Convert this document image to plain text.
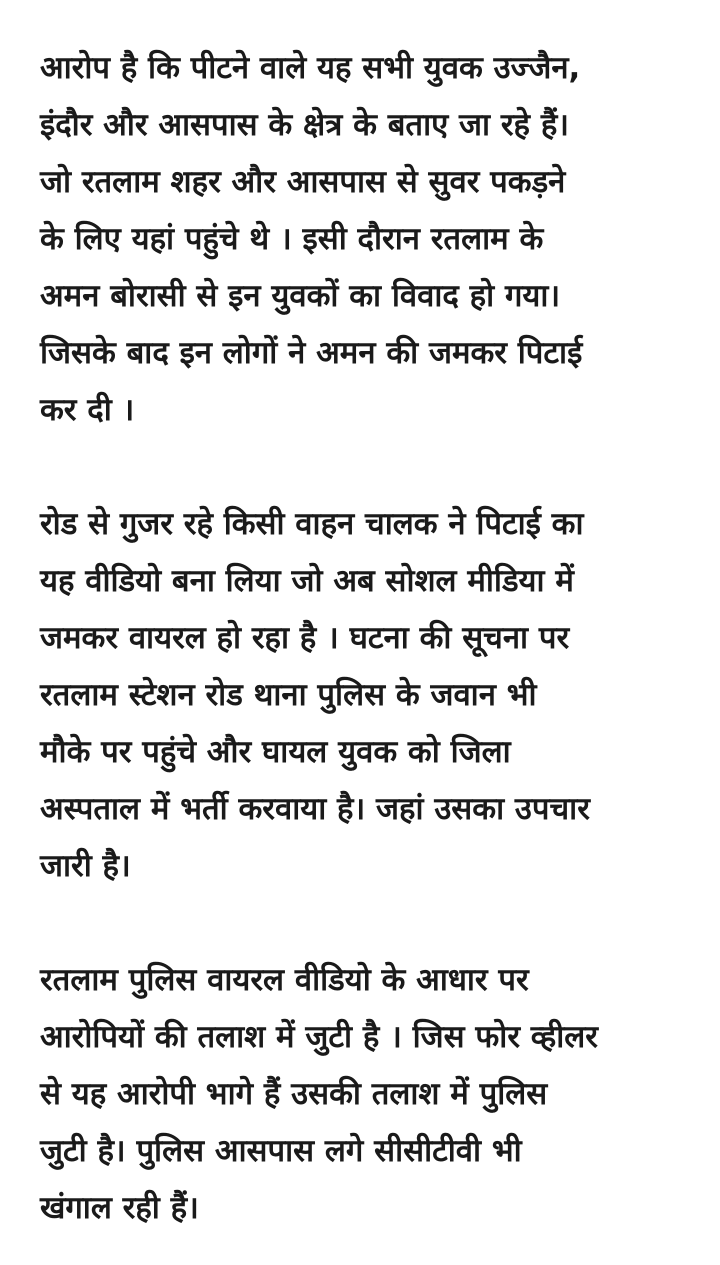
आरोप है कि पीटने वाले यह सभी युवक उज्जैन,
इंदौर और आसपास के क्षेत्र के बताए जा रहे हैं।
जो रतलाम शहर और आसपास से सुवर पकड़ने
के लिए यहां पहुंचे थे । इसी दौरान रतलाम के
अमन बोरासी से इन युवकों का विवाद हो गया।
जिसके बाद इन लोगों ने अमन की जमकर पिटाई
कर दी ।

रोड से गुजर रहे किसी वाहन चालक ने पिटाई का
यह वीडियो बना लिया जो अब सोशल मीडिया में
जमकर वायरल हो रहा है । घटना की सूचना पर
रतलाम स्टेशन रोड थाना पुलिस के जवान भी
मौके पर पहुंचे और घायल युवक को जिला
अस्पताल में भर्ती करवाया है। जहां उसका उपचार
जारी है।

रतलाम पुलिस वायरल वीडियो के आधार पर
आरोपियों की तलाश में जुटी है । जिस फोर व्हीलर
से यह आरोपी भागे हैं उसकी तलाश में पुलिस
जुटी है। पुलिस आसपास लगे सीसीटीवी भी
खंगाल रही हैं।
